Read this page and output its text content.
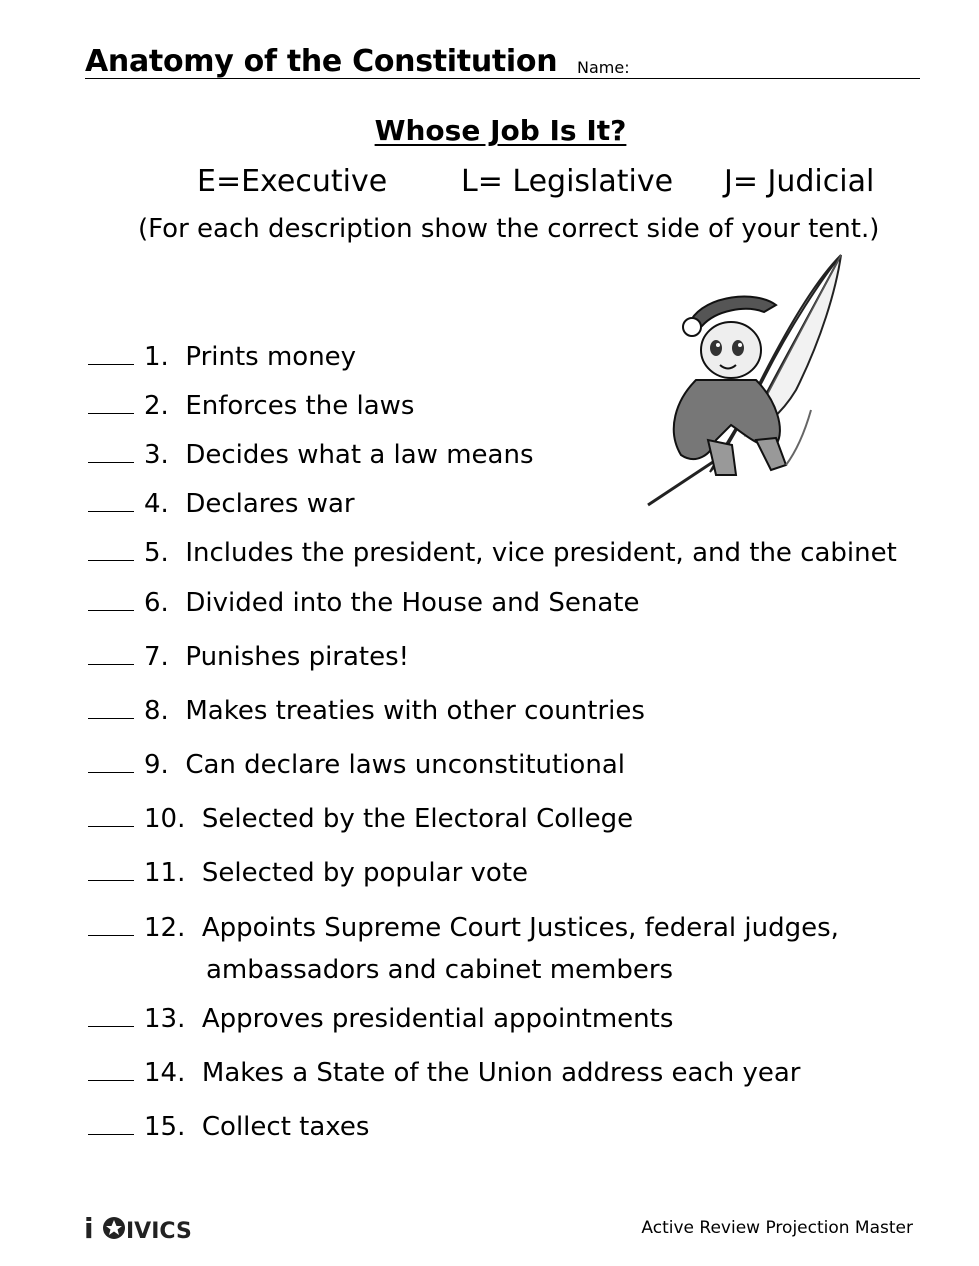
Anatomy of the Constitution Name:
Whose Job Is It?
E=Executive L= Legislative J= Judicial
(For each description show the correct side of your tent.)
1. Prints money
2. Enforces the laws
3. Decides what a law means
4. Declares war
5. Includes the president, vice president, and the cabinet
6. Divided into the House and Senate
7. Punishes pirates!
8. Makes treaties with other countries
9. Can declare laws unconstitutional
10. Selected by the Electoral College
11. Selected by popular vote
12. Appoints Supreme Court Justices, federal judges,
ambassadors and cabinet members
13. Approves presidential appointments
14. Makes a State of the Union address each year
15. Collect taxes
i IVICS	Active Review Projection Master
